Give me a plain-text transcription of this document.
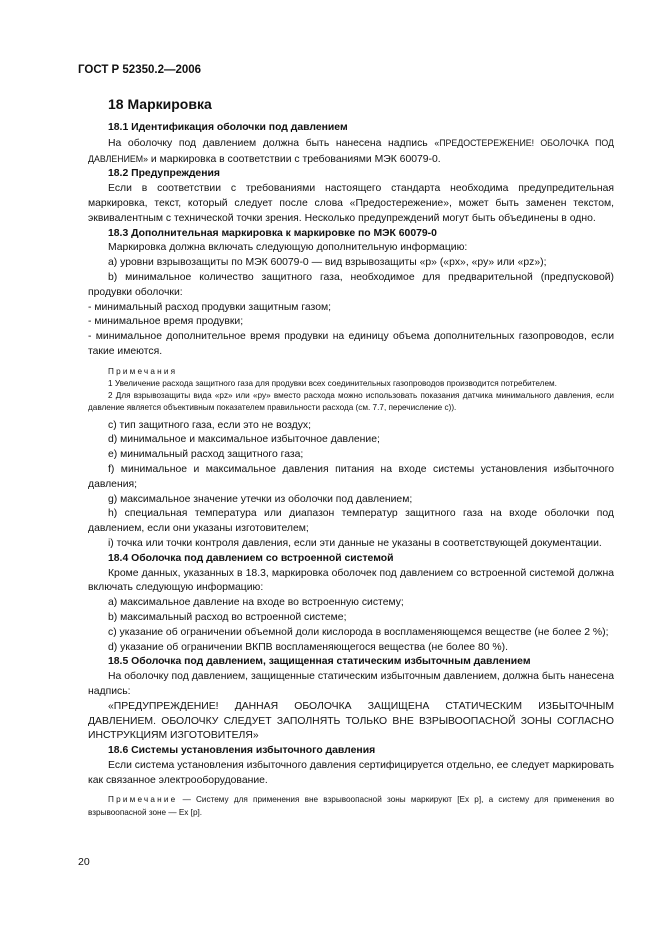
ГОСТ Р 52350.2—2006
18 Маркировка

18.1 Идентификация оболочки под давлением

На оболочку под давлением должна быть нанесена надпись «ПРЕДОСТЕРЕЖЕНИЕ! ОБОЛОЧКА ПОД ДАВЛЕНИЕМ» и маркировка в соответствии с требованиями МЭК 60079-0.

18.2 Предупреждения

Если в соответствии с требованиями настоящего стандарта необходима предупредительная маркировка, текст, который следует после слова «Предостережение», может быть заменен текстом, эквивалентным с технической точки зрения. Несколько предупреждений могут быть объединены в одно.

18.3 Дополнительная маркировка к маркировке по МЭК 60079-0

Маркировка должна включать следующую дополнительную информацию:

a) уровни взрывозащиты по МЭК 60079-0 — вид взрывозащиты «р» («px», «py» или «pz»);

b) минимальное количество защитного газа, необходимое для предварительной (предпусковой) продувки оболочки:

- минимальный расход продувки защитным газом;

- минимальное время продувки;

- минимальное дополнительное время продувки на единицу объема дополнительных газопроводов, если такие имеются.

Примечания

1 Увеличение расхода защитного газа для продувки всех соединительных газопроводов производится потребителем.

2 Для взрывозащиты вида «pz» или «py» вместо расхода можно использовать показания датчика минимального давления, если давление является объективным показателем правильности расхода (см. 7.7, перечисление с)).

c) тип защитного газа, если это не воздух;

d) минимальное и максимальное избыточное давление;

e) минимальный расход защитного газа;

f) минимальное и максимальное давления питания на входе системы установления избыточного давления;

g) максимальное значение утечки из оболочки под давлением;

h) специальная температура или диапазон температур защитного газа на входе оболочки под давлением, если они указаны изготовителем;

i) точка или точки контроля давления, если эти данные не указаны в соответствующей документации.

18.4 Оболочка под давлением со встроенной системой

Кроме данных, указанных в 18.3, маркировка оболочек под давлением со встроенной системой должна включать следующую информацию:

a) максимальное давление на входе во встроенную систему;

b) максимальный расход во встроенной системе;

c) указание об ограничении объемной доли кислорода в воспламеняющемся веществе (не более 2 %);

d) указание об ограничении ВКПВ воспламеняющегося вещества (не более 80 %).

18.5 Оболочка под давлением, защищенная статическим избыточным давлением

На оболочку под давлением, защищенные статическим избыточным давлением, должна быть нанесена надпись:

«ПРЕДУПРЕЖДЕНИЕ! ДАННАЯ ОБОЛОЧКА ЗАЩИЩЕНА СТАТИЧЕСКИМ ИЗБЫТОЧНЫМ ДАВЛЕНИЕМ. ОБОЛОЧКУ СЛЕДУЕТ ЗАПОЛНЯТЬ ТОЛЬКО ВНЕ ВЗРЫВООПАСНОЙ ЗОНЫ СОГЛАСНО ИНСТРУКЦИЯМ ИЗГОТОВИТЕЛЯ»

18.6 Системы установления избыточного давления

Если система установления избыточного давления сертифицируется отдельно, ее следует маркировать как связанное электрооборудование.

Примечание — Систему для применения вне взрывоопасной зоны маркируют [Ex p], а систему для применения во взрывоопасной зоне — Ex [p].

20
